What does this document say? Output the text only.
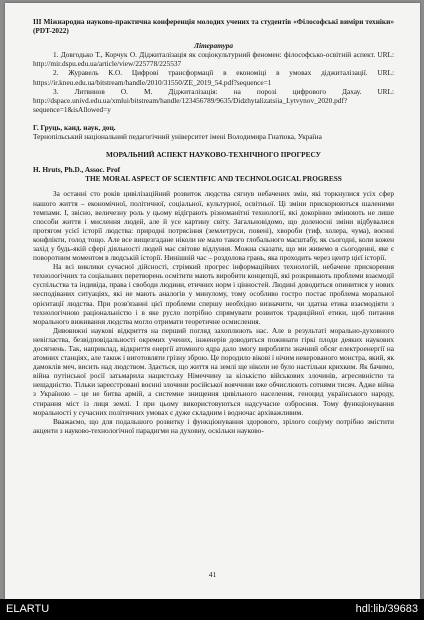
III Міжнародна науково-практична конференція молодих учених та студентів «Філософські виміри техніки» (PDT-2022)

Література

1. Довгодько Т., Корчук О. Діджиталізація як соціокультурний феномен: філософсько-освітній аспект. URL: http://mir.dspu.edu.ua/article/view/225778/225537

2. Журавель К.О. Цифрові трансформації в економіці в умовах діджиталізації. URL: https://ir.kneu.edu.ua/bitstream/handle/2010/31550/ZE_2019_54.pdf?sequence=1

3. Литвинов О. М. Діджиталізація: на порозі цифрового Дахау. URL: http://dspace.univd.edu.ua/xmlui/bitstream/handle/123456789/9635/Didzhytalizatsiia_Lytvynov_2020.pdf?sequence=1&isAllowed=y

Г. Груць, канд. наук, доц.

Тернопільський національний педагогічний університет імені Володимира Гнатюка, Україна

МОРАЛЬНИЙ АСПЕКТ НАУКОВО-ТЕХНІЧНОГО ПРОГРЕСУ

H. Hruts, Ph.D., Assoc. Prof

THE MORAL ASPECT OF SCIENTIFIC AND TECHNOLOGICAL PROGRESS

За останні сто років цивілізаційний розвиток людства сягнув небачених змін, які торкнулися усіх сфер нашого життя – економічної, політичної, соціальної, культурної, освітньої. Ці зміни прискорюються шаленими темпами. І, звісно, величезну роль у цьому відіграють різноманітні технології, які докорінно змінюють не лише способи життя і мислення людей, але й усе картину світу. Загальновідомо, що доленосні зміни відбувалися протягом усієї історії людства: природні потрясіння (землетруси, повені), хвороби (тиф, холера, чума), воєнні конфлікти, голод тощо. Але все вищезгадане ніколи не мало такого глобального масштабу, як сьогодні, коли кожен захід у будь-якій сфері діяльності людей має світове відлуння. Можна сказати, що ми живемо в сьогоденні, яке є поворотним моментом в людській історії. Нинішній час – роздолова грань, яка проходить через центр цієї історії.

На всі виклики сучасної дійсності, стрімкий прогрес інформаційних технологій, небачене прискорення технологічних та соціальних перетворень осмітити мають виробити концепції, які розкривають проблеми взаємодії суспільства та індивіда, права і свободи людини, етичних норм і цінностей. Людині доводиться опинитися у нових несподіваних ситуаціях, які не мають аналогів у минулому, тому особливо гостро постає проблема моральної орієнтації людства. При розв'язанні цієї проблеми спершу необхідно визначити, чи здатна етика взаємодіяти з технологічною раціональністю і в яке русло потрібно спрямувати розвиток традиційної етики, щоб питання морального виживання людства могло отримати теоретичне осмислення.

Дивовижні наукові відкриття на перший погляд захоплюють нас. Але в результаті морально-духовного невігластва, безвідповідальності окремих учених, інженерів доводиться пожинати гіркі плоди деяких наукових досягнень. Так, наприклад, відкриття енергії атомного ядра дало змогу виробляти значний обсяг електроенергії на атомних станціях, але також і виготовляти грізну зброю. Це породило вікові і нічим некерованого монстра, який, як дамоклів меч, висить над людством. Здається, що життя на землі ще ніколи не було настільки крихким. Як бачимо, війна путінської росії затьмарила нацистську Німеччину за кількістю військових злочинів, агресивністю та нещадністю. Тільки зареєстровані воєнні злочини російської вояччини вже обчислюють сотнями тисяч. Адже війна з Україною – це не битва армій, а системне знищення цивільного населення, геноцид українського народу, стирання міст із лиця землі. І при цьому використовуються надсучасне озброєння. Тому функціонування моральності у сучасних політичних умовах є дуже складним і водночас архіважливим.

Вважаємо, що для подальшого розвитку і функціонування здорового, зрілого соціуму потрібно змістити акценти з науково-технологічної парадигми на духовну, оскільки науково-

41
ELARTU	hdl:lib/39683
